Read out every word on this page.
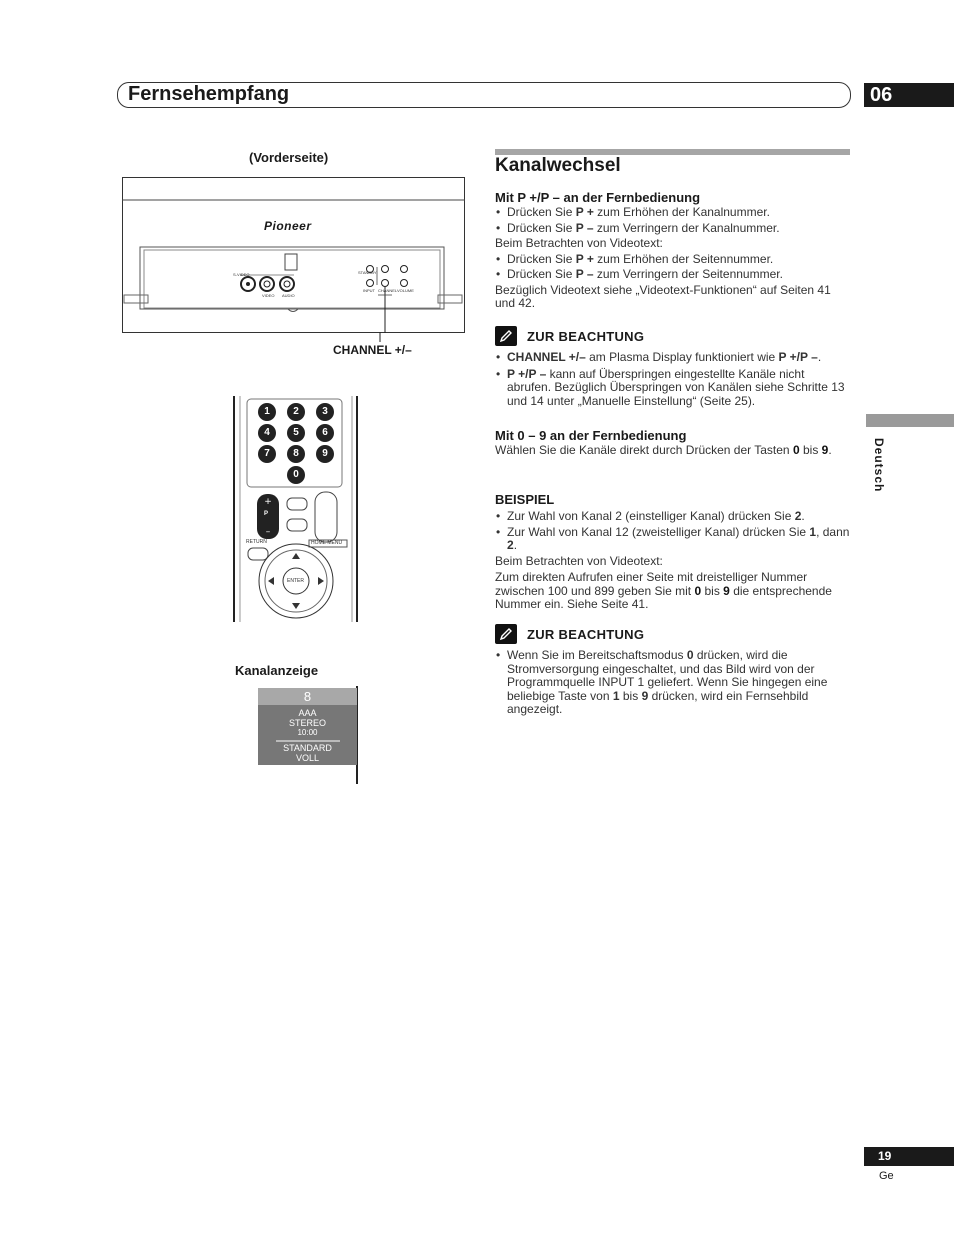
Fernsehempfang	06
Deutsch
19
Ge
(Vorderseite)
Pioneer
S-VIDEO
VIDEO AUDIO
STANDBY
INPUT CHANNEL VOLUME
CHANNEL +/–
+
–
1	2	3
4	5	6
7	8	9
0
P
RETURN	HOME MENU
ENTER
Kanalanzeige
8
AAA
STEREO
10:00
STANDARD
VOLL
Kanalwechsel
Mit P +/P – an der Fernbedienung
• Drücken Sie P + zum Erhöhen der Kanalnummer.
• Drücken Sie P – zum Verringern der Kanalnummer.
Beim Betrachten von Videotext:
• Drücken Sie P + zum Erhöhen der Seitennummer.
• Drücken Sie P – zum Verringern der Seitennummer.
Bezüglich Videotext siehe „Videotext-Funktionen“ auf Seiten 41 und 42.
ZUR BEACHTUNG
• CHANNEL +/– am Plasma Display funktioniert wie P +/P –.
• P +/P – kann auf Überspringen eingestellte Kanäle nicht abrufen. Bezüglich Überspringen von Kanälen siehe Schritte 13 und 14 unter „Manuelle Einstellung“ (Seite 25).
Mit 0 – 9 an der Fernbedienung
Wählen Sie die Kanäle direkt durch Drücken der Tasten 0 bis 9.
BEISPIEL
• Zur Wahl von Kanal 2 (einstelliger Kanal) drücken Sie 2.
• Zur Wahl von Kanal 12 (zweistelliger Kanal) drücken Sie 1, dann 2.
Beim Betrachten von Videotext:
Zum direkten Aufrufen einer Seite mit dreistelliger Nummer zwischen 100 und 899 geben Sie mit 0 bis 9 die entsprechende Nummer ein. Siehe Seite 41.
ZUR BEACHTUNG
• Wenn Sie im Bereitschaftsmodus 0 drücken, wird die Stromversorgung eingeschaltet, und das Bild wird von der Programmquelle INPUT 1 geliefert. Wenn Sie hingegen eine beliebige Taste von 1 bis 9 drücken, wird ein Fernsehbild angezeigt.
